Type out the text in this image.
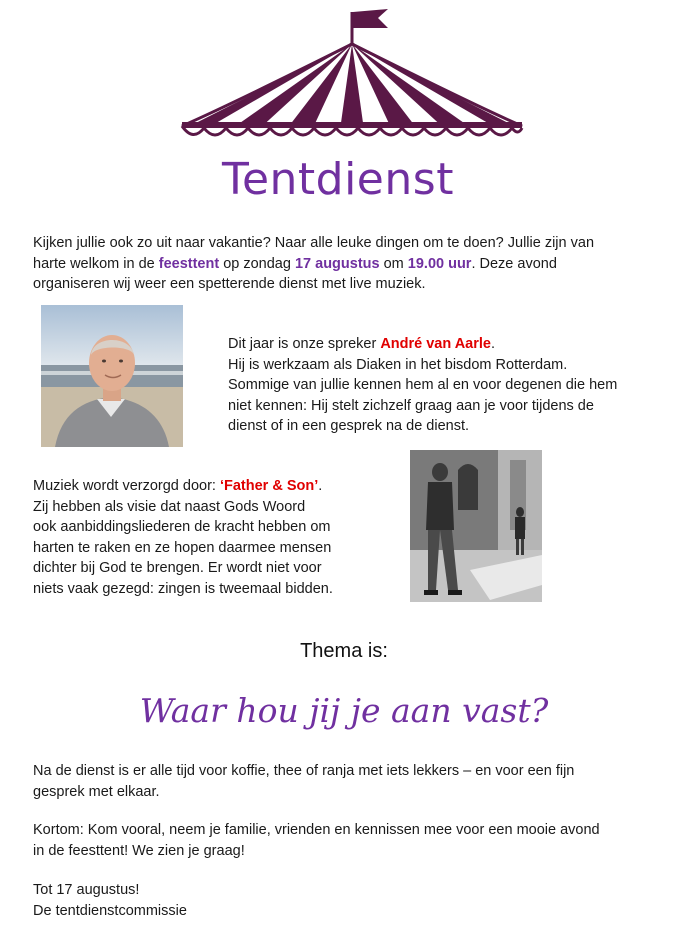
Tentdienst
Kijken jullie ook zo uit naar vakantie? Naar alle leuke dingen om te doen? Jullie zijn van
harte welkom in de feesttent op zondag 17 augustus om 19.00 uur. Deze avond
organiseren wij weer een spetterende dienst met live muziek.
Dit jaar is onze spreker André van Aarle.
Hij is werkzaam als Diaken in het bisdom Rotterdam.
Sommige van jullie kennen hem al en voor degenen die hem
niet kennen: Hij stelt zichzelf graag aan je voor tijdens de
dienst of in een gesprek na de dienst.
Muziek wordt verzorgd door: ‘Father & Son’.
Zij hebben als visie dat naast Gods Woord
ook aanbiddingsliederen de kracht hebben om
harten te raken en ze hopen daarmee mensen
dichter bij God te brengen. Er wordt niet voor
niets vaak gezegd: zingen is tweemaal bidden.
Thema is:
Waar hou jij je aan vast?
Na de dienst is er alle tijd voor koffie, thee of ranja met iets lekkers – en voor een fijn
gesprek met elkaar.
Kortom: Kom vooral, neem je familie, vrienden en kennissen mee voor een mooie avond
in de feesttent! We zien je graag!
Tot 17 augustus!
De tentdienstcommissie
